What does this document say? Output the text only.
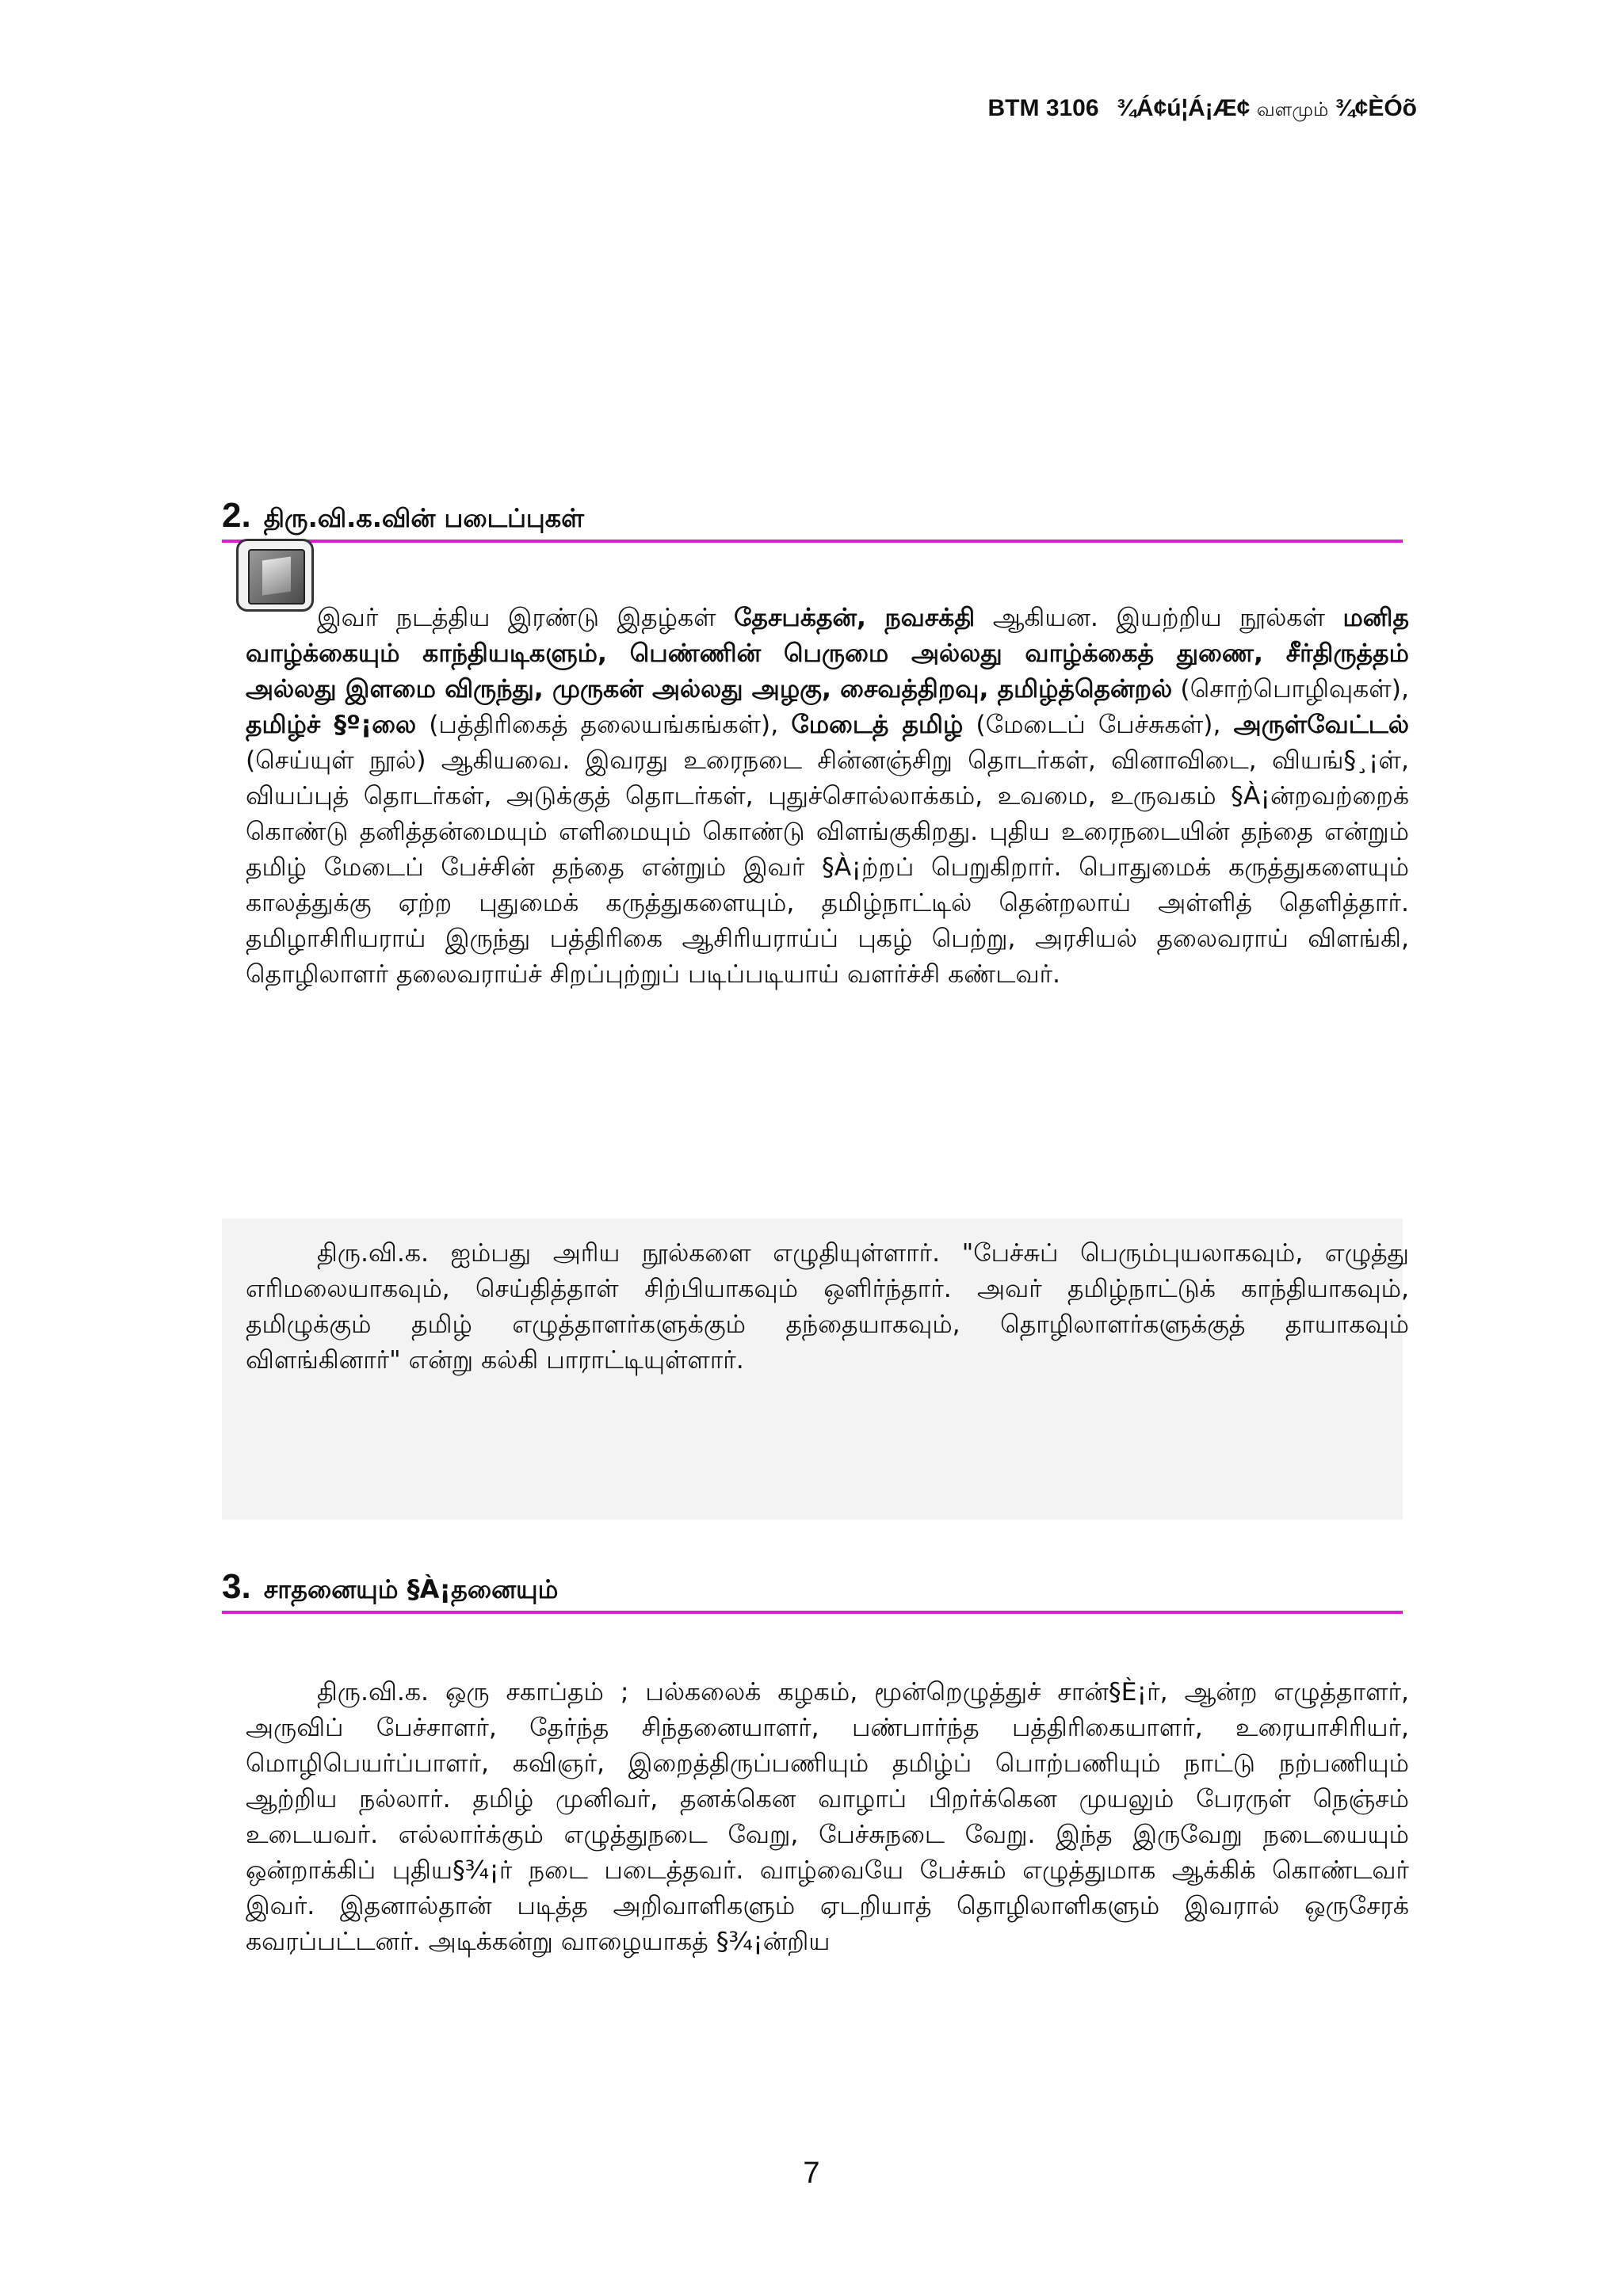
BTM 3106 ¾Á¢ú¦Á¡Æ¢ வளமும் ¾¢ÈÓõ
2. திரு.வி.க.வின் படைப்புகள்

இவர் நடத்திய இரண்டு இதழ்கள் தேசபக்தன், நவசக்தி ஆகியன. இயற்றிய நூல்கள் மனித வாழ்க்கையும் காந்தியடிகளும், பெண்ணின் பெருமை அல்லது வாழ்க்கைத் துணை, சீர்திருத்தம் அல்லது இளமை விருந்து, முருகன் அல்லது அழகு, சைவத்திறவு, தமிழ்த்தென்றல் (சொற்பொழிவுகள்), தமிழ்ச் §º¡லை (பத்திரிகைத் தலையங்கங்கள்), மேடைத் தமிழ் (மேடைப் பேச்சுகள்), அருள்வேட்டல் (செய்யுள் நூல்) ஆகியவை. இவரது உரைநடை சின்னஞ்சிறு தொடர்கள், வினாவிடை, வியங்§¸¡ள், வியப்புத் தொடர்கள், அடுக்குத் தொடர்கள், புதுச்சொல்லாக்கம், உவமை, உருவகம் §À¡ன்றவற்றைக் கொண்டு தனித்தன்மையும் எளிமையும் கொண்டு விளங்குகிறது. புதிய உரைநடையின் தந்தை என்றும் தமிழ் மேடைப் பேச்சின் தந்தை என்றும் இவர் §À¡ற்றப் பெறுகிறார். பொதுமைக் கருத்துகளையும் காலத்துக்கு ஏற்ற புதுமைக் கருத்துகளையும், தமிழ்நாட்டில் தென்றலாய் அள்ளித் தெளித்தார். தமிழாசிரியராய் இருந்து பத்திரிகை ஆசிரியராய்ப் புகழ் பெற்று, அரசியல் தலைவராய் விளங்கி, தொழிலாளர் தலைவராய்ச் சிறப்புற்றுப் படிப்படியாய் வளர்ச்சி கண்டவர்.

திரு.வி.க. ஐம்பது அரிய நூல்களை எழுதியுள்ளார். "பேச்சுப் பெரும்புயலாகவும், எழுத்து எரிமலையாகவும், செய்தித்தாள் சிற்பியாகவும் ஒளிர்ந்தார். அவர் தமிழ்நாட்டுக் காந்தியாகவும், தமிழுக்கும் தமிழ் எழுத்தாளர்களுக்கும் தந்தையாகவும், தொழிலாளர்களுக்குத் தாயாகவும் விளங்கினார்" என்று கல்கி பாராட்டியுள்ளார்.

3. சாதனையும் §À¡தனையும்

திரு.வி.க. ஒரு சகாப்தம் ; பல்கலைக் கழகம், மூன்றெழுத்துச் சான்§È¡ர், ஆன்ற எழுத்தாளர், அருவிப் பேச்சாளர், தேர்ந்த சிந்தனையாளர், பண்பார்ந்த பத்திரிகையாளர், உரையாசிரியர், மொழிபெயர்ப்பாளர், கவிஞர், இறைத்திருப்பணியும் தமிழ்ப் பொற்பணியும் நாட்டு நற்பணியும் ஆற்றிய நல்லார். தமிழ் முனிவர், தனக்கென வாழாப் பிறர்க்கென முயலும் பேரருள் நெஞ்சம் உடையவர். எல்லார்க்கும் எழுத்துநடை வேறு, பேச்சுநடை வேறு. இந்த இருவேறு நடையையும் ஒன்றாக்கிப் புதிய§¾¡ர் நடை படைத்தவர். வாழ்வையே பேச்சும் எழுத்துமாக ஆக்கிக் கொண்டவர் இவர். இதனால்தான் படித்த அறிவாளிகளும் ஏடறியாத் தொழிலாளிகளும் இவரால் ஒருசேரக் கவரப்பட்டனர். அடிக்கன்று வாழையாகத் §¾¡ன்றிய

7
